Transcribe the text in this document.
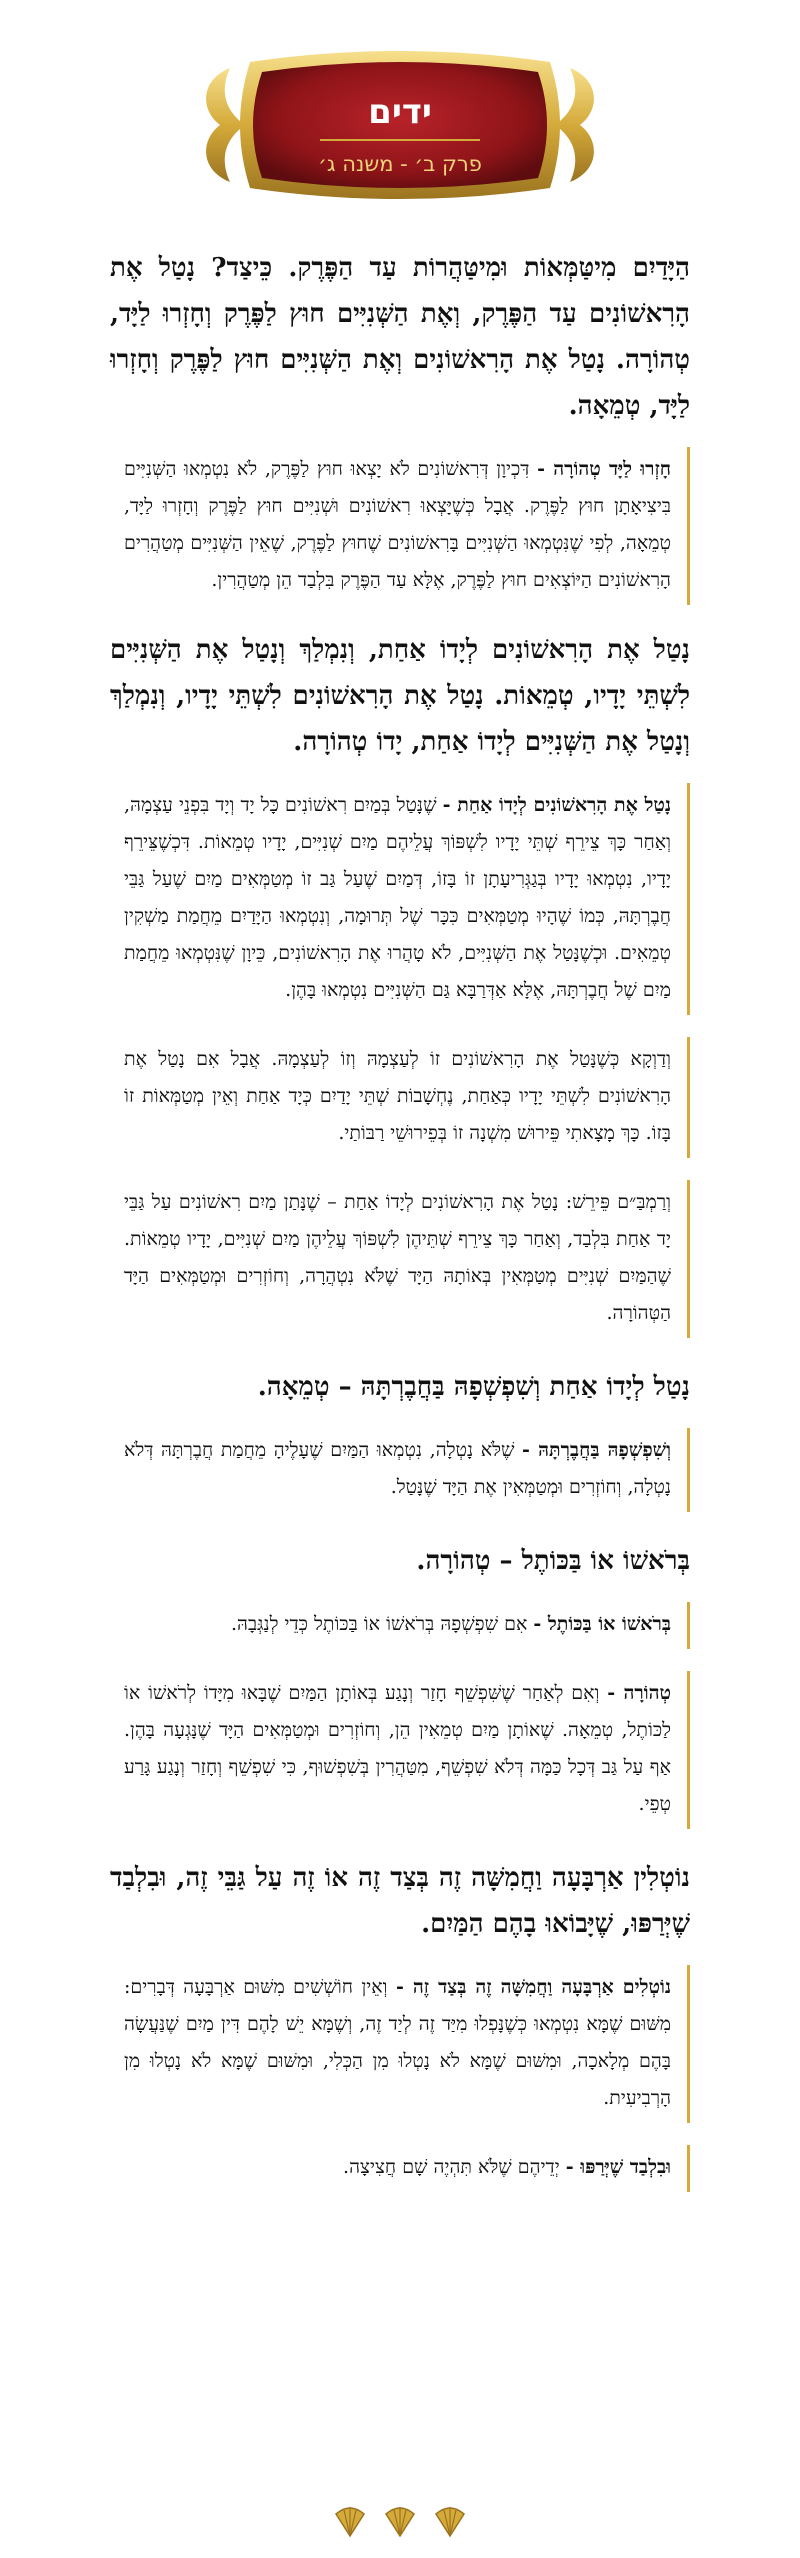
ידים
פרק ב׳ - משנה ג׳
הַיָּדַיִם מִיטַּמְּאוֹת וּמִיטַּהֲרוֹת עַד הַפֶּרֶק. כֵּיצַד? נָטַל אֶת הָרִאשׁוֹנִים עַד הַפֶּרֶק, וְאֶת הַשְּׁנִיִּים חוּץ לַפֶּרֶק וְחָזְרוּ לַיָּד, טְהוֹרָה. נָטַל אֶת הָרִאשׁוֹנִים וְאֶת הַשְּׁנִיִּים חוּץ לַפֶּרֶק וְחָזְרוּ לַיָּד, טְמֵאָה.
חָזְרוּ לַיָּד טְהוֹרָה - דִּכְיוָן דְּרִאשׁוֹנִים לֹא יָצְאוּ חוּץ לַפֶּרֶק, לֹא נִטְמְאוּ הַשְּׁנִיִּים בִּיצִיאָתָן חוּץ לַפֶּרֶק. אֲבָל כְּשֶׁיָּצְאוּ רִאשׁוֹנִים וּשְׁנִיִּים חוּץ לַפֶּרֶק וְחָזְרוּ לַיָּד, טְמֵאָה, לְפִי שֶׁנִּטְמְאוּ הַשְּׁנִיִּים בָּרִאשׁוֹנִים שֶׁחוּץ לַפֶּרֶק, שֶׁאֵין הַשְּׁנִיִּים מְטַהֲרִים הָרִאשׁוֹנִים הַיּוֹצְאִים חוּץ לַפֶּרֶק, אֶלָּא עַד הַפֶּרֶק בִּלְבַד הֵן מְטַהֲרִין.
נָטַל אֶת הָרִאשׁוֹנִים לְיָדוֹ אַחַת, וְנִמְלַךְ וְנָטַל אֶת הַשְּׁנִיִּים לִשְׁתֵּי יָדָיו, טְמֵאוֹת. נָטַל אֶת הָרִאשׁוֹנִים לִשְׁתֵּי יָדָיו, וְנִמְלַךְ וְנָטַל אֶת הַשְּׁנִיִּים לְיָדוֹ אַחַת, יָדוֹ טְהוֹרָה.
נָטַל אֶת הָרִאשׁוֹנִים לְיָדוֹ אַחַת - שֶׁנָּטַל בְּמַיִם רִאשׁוֹנִים כָּל יָד וְיָד בִּפְנֵי עַצְמָהּ, וְאַחַר כָּךְ צֵירֵף שְׁתֵּי יָדָיו לִשְׁפּוֹךְ עֲלֵיהֶם מַיִם שְׁנִיִּים, יָדָיו טְמֵאוֹת. דִּכְשֶׁצֵּירֵף יָדָיו, נִטְמְאוּ יָדָיו בְּגַגְּרִיעָתָן זוֹ בָּזוֹ, דְּמַיִם שֶׁעַל גַּב זוֹ מְטַמְּאִים מַיִם שֶׁעַל גַּבֵּי חֲבֶרְתָּהּ, כְּמוֹ שֶׁהָיוּ מְטַמְּאִים כִּכָּר שֶׁל תְּרוּמָה, וְנִטְמְאוּ הַיָּדַיִם מֵחֲמַת מַשְׁקִין טְמֵאִים. וּכְשֶׁנָּטַל אֶת הַשְּׁנִיִּים, לֹא טָהֲרוּ אֶת הָרִאשׁוֹנִים, כֵּיוָן שֶׁנִּטְמְאוּ מֵחֲמַת מַיִם שֶׁל חֲבֶרְתָּהּ, אֶלָּא אַדְּרַבָּא גַּם הַשְּׁנִיִּים נִטְמְאוּ בָּהֶן.
וְדַוְקָא כְּשֶׁנָּטַל אֶת הָרִאשׁוֹנִים זוֹ לְעַצְמָהּ וְזוֹ לְעַצְמָהּ. אֲבָל אִם נָטַל אֶת הָרִאשׁוֹנִים לִשְׁתֵּי יָדָיו כְּאַחַת, נֶחְשָׁבוֹת שְׁתֵּי יָדַיִם כְּיָד אַחַת וְאֵין מְטַמְּאוֹת זוֹ בָּזוֹ. כָּךְ מָצָאתִי פֵּירוּשׁ מִשְׁנָה זוֹ בְּפֵירוּשֵׁי רַבּוֹתַי.
וְרַמְבַּ״ם פֵּירֵשׁ: נָטַל אֶת הָרִאשׁוֹנִים לְיָדוֹ אַחַת – שֶׁנָּתַן מַיִם רִאשׁוֹנִים עַל גַּבֵּי יָד אַחַת בִּלְבַד, וְאַחַר כָּךְ צֵירֵף שְׁתֵּיהֶן לִשְׁפּוֹךְ עֲלֵיהֶן מַיִם שְׁנִיִּים, יָדָיו טְמֵאוֹת. שֶׁהַמַּיִם שְׁנִיִּים מְטַמְּאִין בְּאוֹתָהּ הַיָּד שֶׁלֹּא נִטְהֲרָה, וְחוֹזְרִים וּמְטַמְּאִים הַיָּד הַטְּהוֹרָה.
נָטַל לְיָדוֹ אַחַת וְשִׁפְשְׁפָהּ בַּחֲבֶרְתָּהּ – טְמֵאָה.
וְשִׁפְשְׁפָהּ בַּחֲבֶרְתָּהּ - שֶׁלֹּא נָטְלָה, נִטְמְאוּ הַמַּיִם שֶׁעָלֶיהָ מֵחֲמַת חֲבֶרְתָּהּ דְּלֹא נָטְלָה, וְחוֹזְרִים וּמְטַמְּאִין אֶת הַיָּד שֶׁנָּטַל.
בְּרֹאשׁוֹ אוֹ בַּכּוֹתֶל – טְהוֹרָה.
בְּרֹאשׁוֹ אוֹ בַּכּוֹתֶל - אִם שִׁפְשְׁפָהּ בְּרֹאשׁוֹ אוֹ בַּכּוֹתֶל כְּדֵי לְנַגְּבָהּ.
טְהוֹרָה - וְאִם לְאַחַר שֶׁשִּׁפְשֵׁף חָזַר וְנָגַע בְּאוֹתָן הַמַּיִם שֶׁבָּאוּ מִיָּדוֹ לְרֹאשׁוֹ אוֹ לַכּוֹתֶל, טְמֵאָה. שֶׁאוֹתָן מַיִם טְמֵאִין הֵן, וְחוֹזְרִים וּמְטַמְּאִים הַיָּד שֶׁנָּגְעָה בָּהֶן. אַף עַל גַּב דְּכָל כַּמָּה דְּלֹא שִׁפְשֵׁף, מִטַּהֲרִין בְּשִׁפְשׁוּף, כִּי שִׁפְשֵׁף וְחָזַר וְנָגַע גָּרַע טְפֵי.
נוֹטְלִין אַרְבָּעָה וַחֲמִשָּׁה זֶה בְּצַד זֶה אוֹ זֶה עַל גַּבֵּי זֶה, וּבִלְבַד שֶׁיְּרַפּוּ, שֶׁיָּבוֹאוּ בָהֶם הַמַּיִם.
נוֹטְלִים אַרְבָּעָה וַחֲמִשָּׁה זֶה בְּצַד זֶה - וְאֵין חוֹשְׁשִׁים מִשּׁוּם אַרְבָּעָה דְּבָרִים: מִשּׁוּם שֶׁמָּא נִטְמְאוּ כְּשֶׁנָּפְלוּ מִיַּד זֶה לְיַד זֶה, וְשֶׁמָּא יֵשׁ לָהֶם דִּין מַיִם שֶׁנַּעֲשָׂה בָּהֶם מְלָאכָה, וּמִשּׁוּם שֶׁמָּא לֹא נָטְלוּ מִן הַכְּלִי, וּמִשּׁוּם שֶׁמָּא לֹא נָטְלוּ מִן הָרְבִיעִית.
וּבִלְבַד שֶׁיְּרַפּוּ - יְדֵיהֶם שֶׁלֹּא תִּהְיֶה שָׁם חֲצִיצָה.
